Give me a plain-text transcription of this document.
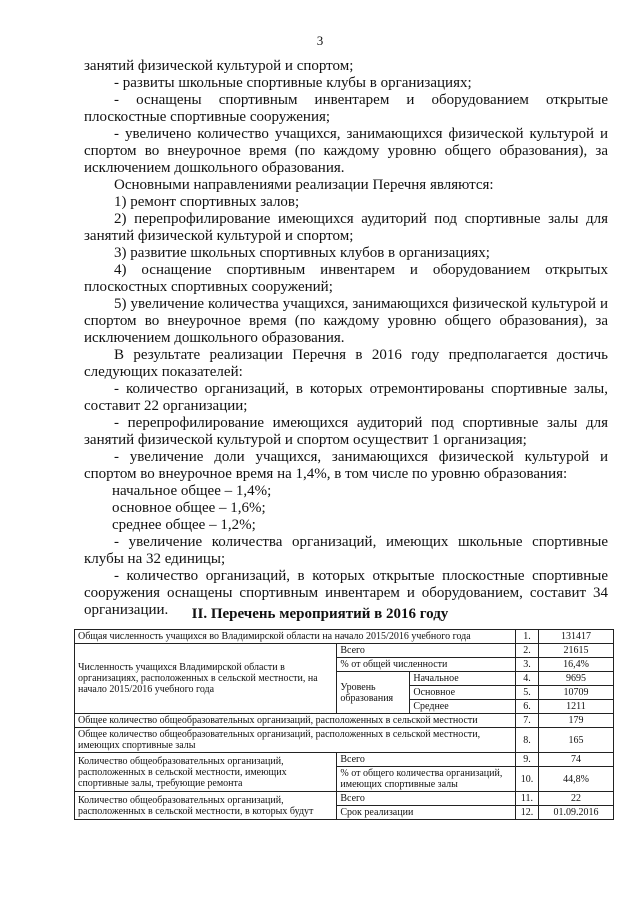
3

занятий физической культурой и спортом;

- развиты школьные спортивные клубы в организациях;

- оснащены спортивным инвентарем и оборудованием открытые плоскостные спортивные сооружения;

- увеличено количество учащихся, занимающихся физической культурой и спортом во внеурочное время (по каждому уровню общего образования), за исключением дошкольного образования.

Основными направлениями реализации Перечня являются:

1) ремонт спортивных залов;

2) перепрофилирование имеющихся аудиторий под спортивные залы для занятий физической культурой и спортом;

3) развитие школьных спортивных клубов в организациях;

4) оснащение спортивным инвентарем и оборудованием открытых плоскостных спортивных сооружений;

5) увеличение количества учащихся, занимающихся физической культурой и спортом во внеурочное время (по каждому уровню общего образования), за исключением дошкольного образования.

В результате реализации Перечня в 2016 году предполагается достичь следующих показателей:

- количество организаций, в которых отремонтированы спортивные залы, составит 22 организации;

- перепрофилирование имеющихся аудиторий под спортивные залы для занятий физической культурой и спортом осуществит 1 организация;

- увеличение доли учащихся, занимающихся физической культурой и спортом во внеурочное время на 1,4%, в том числе по уровню образования:

начальное общее – 1,4%;

основное общее – 1,6%;

среднее общее – 1,2%;

- увеличение количества организаций, имеющих школьные спортивные клубы на 32 единицы;

- количество организаций, в которых открытые плоскостные спортивные сооружения оснащены спортивным инвентарем и оборудованием, составит 34 организации.	II. Перечень мероприятий в 2016 году
Общая численность учащихся во Владимирской области на начало 2015/2016 учебного года			1.	131417
Численность учащихся Владимирской области в организациях, расположенных в сельской местности, на начало 2015/2016 учебного года	Всего		2.	21615
	% от общей численности		3.	16,4%
	Уровень образования	Начальное	4.	9695
		Основное	5.	10709
		Среднее	6.	1211
Общее количество общеобразовательных организаций, расположенных в сельской местности			7.	179
Общее количество общеобразовательных организаций, расположенных в сельской местности, имеющих спортивные залы			8.	165
Количество общеобразовательных организаций, расположенных в сельской местности, имеющих спортивные залы, требующие ремонта	Всего		9.	74
	% от общего количества организаций, имеющих спортивные залы		10.	44,8%
Количество общеобразовательных организаций, расположенных в сельской местности, в которых будут	Всего		11.	22
	Срок реализации		12.	01.09.2016
